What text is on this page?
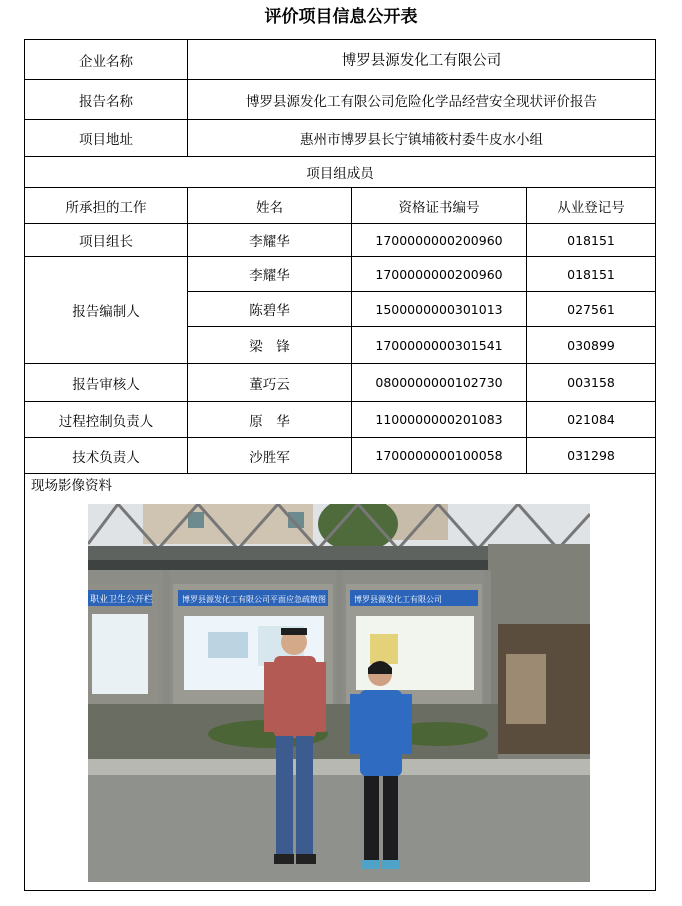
评价项目信息公开表
企业名称	博罗县源发化工有限公司		
报告名称	博罗县源发化工有限公司危险化学品经营安全现状评价报告		
项目地址	惠州市博罗县长宁镇埔筱村委牛皮水小组		
项目组成员			
所承担的工作	姓名	资格证书编号	从业登记号
项目组长	李耀华	1700000000200960	018151
报告编制人	李耀华	1700000000200960	018151
	陈碧华	1500000000301013	027561
	梁　锋	1700000000301541	030899
报告审核人	董巧云	0800000000102730	003158
过程控制负责人	原　华	1100000000201083	021084
技术负责人	沙胜军	1700000000100058	031298

现场影像资料
职业卫生公开栏 博罗县源发化工有限公司平面应急疏散图 博罗县源发化工有限公司			
